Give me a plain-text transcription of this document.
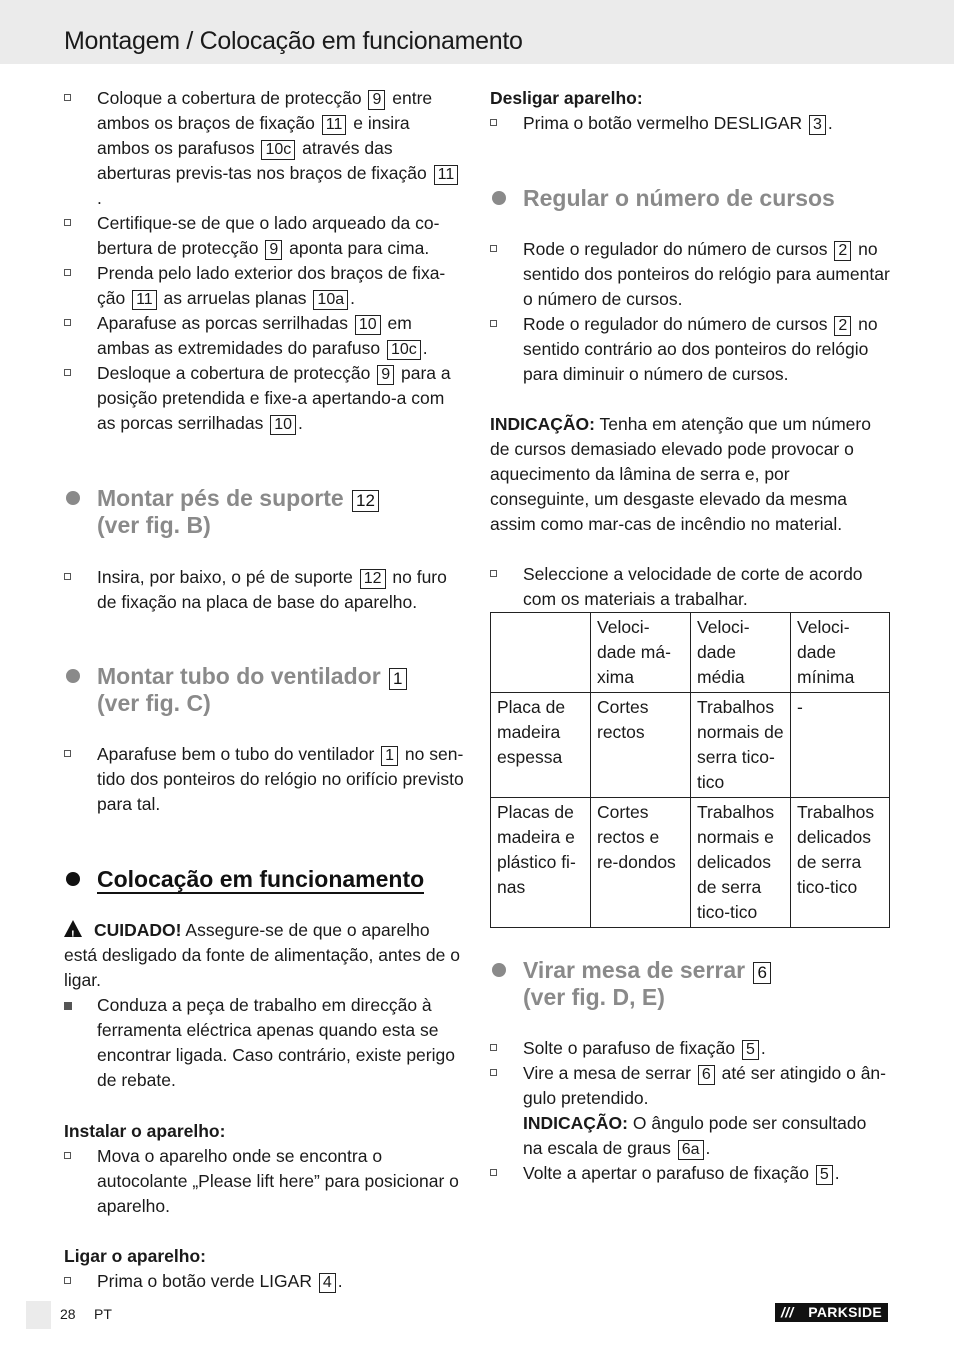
Montagem / Colocação em funcionamento
Coloque a cobertura de protecção 9 entre ambos os braços de fixação 11 e insira ambos os parafusos 10c através das aberturas previs-tas nos braços de fixação 11.
Certifique-se de que o lado arqueado da co-bertura de protecção 9 aponta para cima.
Prenda pelo lado exterior dos braços de fixa-ção 11 as arruelas planas 10a .
Aparafuse as porcas serrilhadas 10 em ambas as extremidades do parafuso 10c .
Desloque a cobertura de protecção 9 para a posição pretendida e fixe-a apertando-a com as porcas serrilhadas 10 .
Montar pés de suporte 12
(ver fig. B)
Insira, por baixo, o pé de suporte 12 no furo de fixação na placa de base do aparelho.
Montar tubo do ventilador 1
(ver fig. C)
Aparafuse bem o tubo do ventilador 1 no sen-tido dos ponteiros do relógio no orifício previsto para tal.
Colocação em funcionamento

!CUIDADO! Assegure-se de que o aparelho está desligado da fonte de alimentação, antes de o ligar.

Conduza a peça de trabalho em direcção à ferramenta eléctrica apenas quando esta se encontrar ligada. Caso contrário, existe perigo de rebate.

Instalar o aparelho:

Mova o aparelho onde se encontra o autocolante „Please lift here” para posicionar o aparelho.

Ligar o aparelho:

Prima o botão verde LIGAR 4 .

Desligar aparelho:

Prima o botão vermelho DESLIGAR 3 .
Regular o número de cursos
Rode o regulador do número de cursos 2 no sentido dos ponteiros do relógio para aumentar o número de cursos.
Rode o regulador do número de cursos 2 no sentido contrário ao dos ponteiros do relógio para diminuir o número de cursos.

INDICAÇÃO: Tenha em atenção que um número de cursos demasiado elevado pode provocar o aquecimento da lâmina de serra e, por conseguinte, um desgaste elevado da mesma assim como mar-cas de incêndio no material.

Seleccione a velocidade de corte de acordo com os materiais a trabalhar.
	Veloci-dade má-xima	Veloci-dade média	Veloci-dade mínima
Placa de madeira espessa	Cortes rectos	Trabalhos normais de serra tico-tico	-
Placas de madeira e plástico fi-nas	Cortes rectos e re-dondos	Trabalhos normais e delicados de serra tico-tico	Trabalhos delicados de serra tico-tico
Virar mesa de serrar 6
(ver fig. D, E)
Solte o parafuso de fixação 5 .
Vire a mesa de serrar 6 até ser atingido o ân-gulo pretendido.
INDICAÇÃO: O ângulo pode ser consultado na escala de graus 6a .
Volte a apertar o parafuso de fixação 5 .
28 PT	/// PARKSIDE
